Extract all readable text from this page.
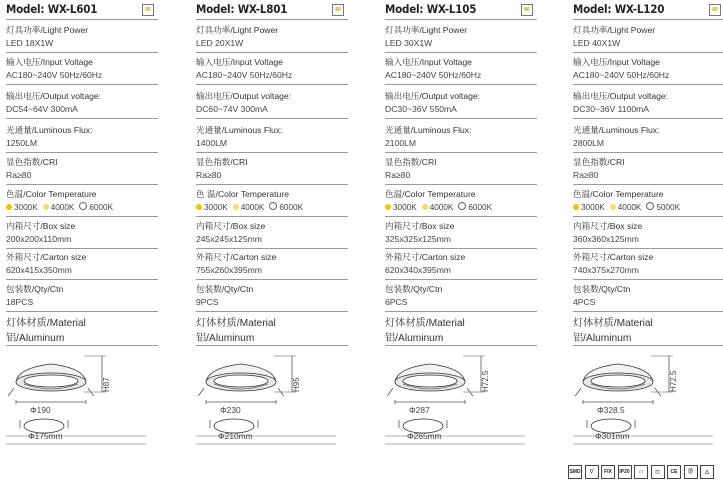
Model: WX-L601	80
灯具功率/Light Power
LED 18X1W
输入电压/Input Voltage
AC180~240V 50Hz/60Hz
输出电压/Output voltage:
DC54~64V 300mA
光通量/Luminous Flux:
1250LM
显色指数/CRI
Ra≥80
色温/Color Temperature
3000K 4000K 6000K
内箱尺寸/Box size
200x200x110mm
外箱尺寸/Carton size
620x415x350mm
包装数/Qty/Ctn
18PCS
灯体材质/Material
铝/Aluminum
H87
Φ190
Φ175mm
Model: WX-L801	80
灯具功率/Light Power
LED 20X1W
输入电压/Input Voltage
AC180~240V 50Hz/60Hz
输出电压/Output voltage:
DC60~74V 300mA
光通量/Luminous Flux:
1400LM
显色指数/CRI
Ra≥80
色 温/Color Temperature
3000K 4000K 6000K
内箱尺寸/Box size
245x245x125mm
外箱尺寸/Carton size
755x260x395mm
包装数/Qty/Ctn
9PCS
灯体材质/Material
铝/Aluminum
H95
Φ230
Φ210mm
Model: WX-L105	80
灯具功率/Light Power
LED 30X1W
输入电压/Input Voltage
AC180~240V 50Hz/60Hz
输出电压/Output voltage:
DC30~36V 550mA
光通量/Luminous Flux:
2100LM
显色指数/CRI
Ra≥80
色温/Color Temperature
3000K 4000K 6000K
内箱尺寸/Box size
325x325x125mm
外箱尺寸/Carton size
620x340x395mm
包装数/Qty/Ctn
6PCS
灯体材质/Material
铝/Aluminum
H72.5
Φ287
Φ265mm
Model: WX-L120	80
灯具功率/Light Power
LED 40X1W
输入电压/Input Voltage
AC180~240V 50Hz/60Hz
输出电压/Output voltage:
DC30~36V 1100mA
光通量/Luminous Flux:
2800LM
显色指数/CRI
Ra≥80
色温/Color Temperature
3000K 4000K 5000K
内箱尺寸/Box size
360x360x125mm
外箱尺寸/Carton size
740x375x270mm
包装数/Qty/Ctn
4PCS
灯体材质/Material
铝/Aluminum
H72.5
Φ328.5
Φ301mm
SMD	▽	FIX	IP20	□	◻	CE	Ⓟ	△
